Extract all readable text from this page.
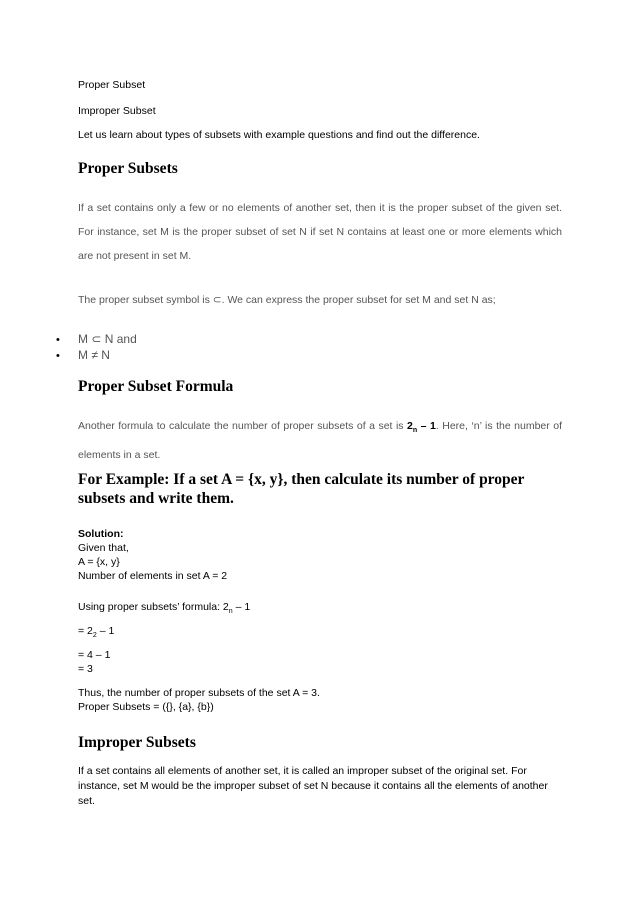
Proper Subset

Improper Subset

Let us learn about types of subsets with example questions and find out the difference.

Proper Subsets

If a set contains only a few or no elements of another set, then it is the proper subset of the given set. For instance, set M is the proper subset of set N if set N contains at least one or more elements which are not present in set M.

The proper subset symbol is ⊂. We can express the proper subset for set M and set N as;

• M ⊂ N and
• M ≠ N
Proper Subset Formula

Another formula to calculate the number of proper subsets of a set is $2_n - 1$. Here, ‘n’ is the number of elements in a set.

For Example: If a set A = {x, y}, then calculate its number of proper subsets and write them.
Solution:
Given that,
A = {x, y}
Number of elements in set A = 2

Using proper subsets’ formula: $2_n - 1$

= $2_2 - 1$

= 4 – 1
= 3
Thus, the number of proper subsets of the set A = 3.
Proper Subsets = ({}, {a}, {b})
Improper Subsets

If a set contains all elements of another set, it is called an improper subset of the original set. For instance, set M would be the improper subset of set N because it contains all the elements of another set.
